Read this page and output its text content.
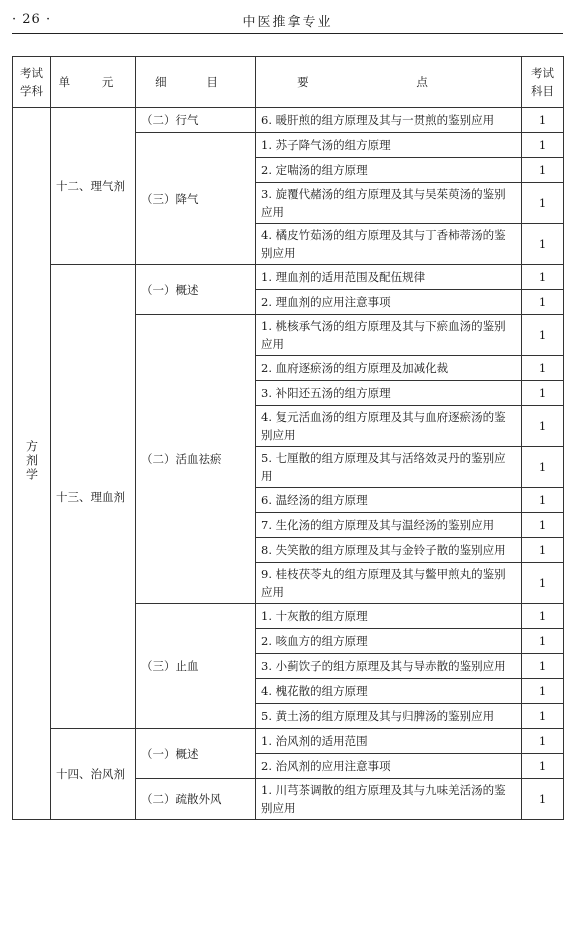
· 26 ·	中医推拿专业
考试学科	单 元	细 目	要 点	考试科目
方剂学	十二、理气剂	（二）行气	6. 暖肝煎的组方原理及其与一贯煎的鉴别应用	1
		（三）降气	1. 苏子降气汤的组方原理	1
			2. 定喘汤的组方原理	1
			3. 旋覆代赭汤的组方原理及其与吴茱萸汤的鉴别应用	1
			4. 橘皮竹茹汤的组方原理及其与丁香柿蒂汤的鉴别应用	1
	十三、理血剂	（一）概述	1. 理血剂的适用范围及配伍规律	1
			2. 理血剂的应用注意事项	1
		（二）活血祛瘀	1. 桃核承气汤的组方原理及其与下瘀血汤的鉴别应用	1
			2. 血府逐瘀汤的组方原理及加减化裁	1
			3. 补阳还五汤的组方原理	1
			4. 复元活血汤的组方原理及其与血府逐瘀汤的鉴别应用	1
			5. 七厘散的组方原理及其与活络效灵丹的鉴别应用	1
			6. 温经汤的组方原理	1
			7. 生化汤的组方原理及其与温经汤的鉴别应用	1
			8. 失笑散的组方原理及其与金铃子散的鉴别应用	1
			9. 桂枝茯苓丸的组方原理及其与鳖甲煎丸的鉴别应用	1
		（三）止血	1. 十灰散的组方原理	1
			2. 咳血方的组方原理	1
			3. 小蓟饮子的组方原理及其与导赤散的鉴别应用	1
			4. 槐花散的组方原理	1
			5. 黄土汤的组方原理及其与归脾汤的鉴别应用	1
	十四、治风剂	（一）概述	1. 治风剂的适用范围	1
			2. 治风剂的应用注意事项	1
		（二）疏散外风	1. 川芎茶调散的组方原理及其与九味羌活汤的鉴别应用	1
